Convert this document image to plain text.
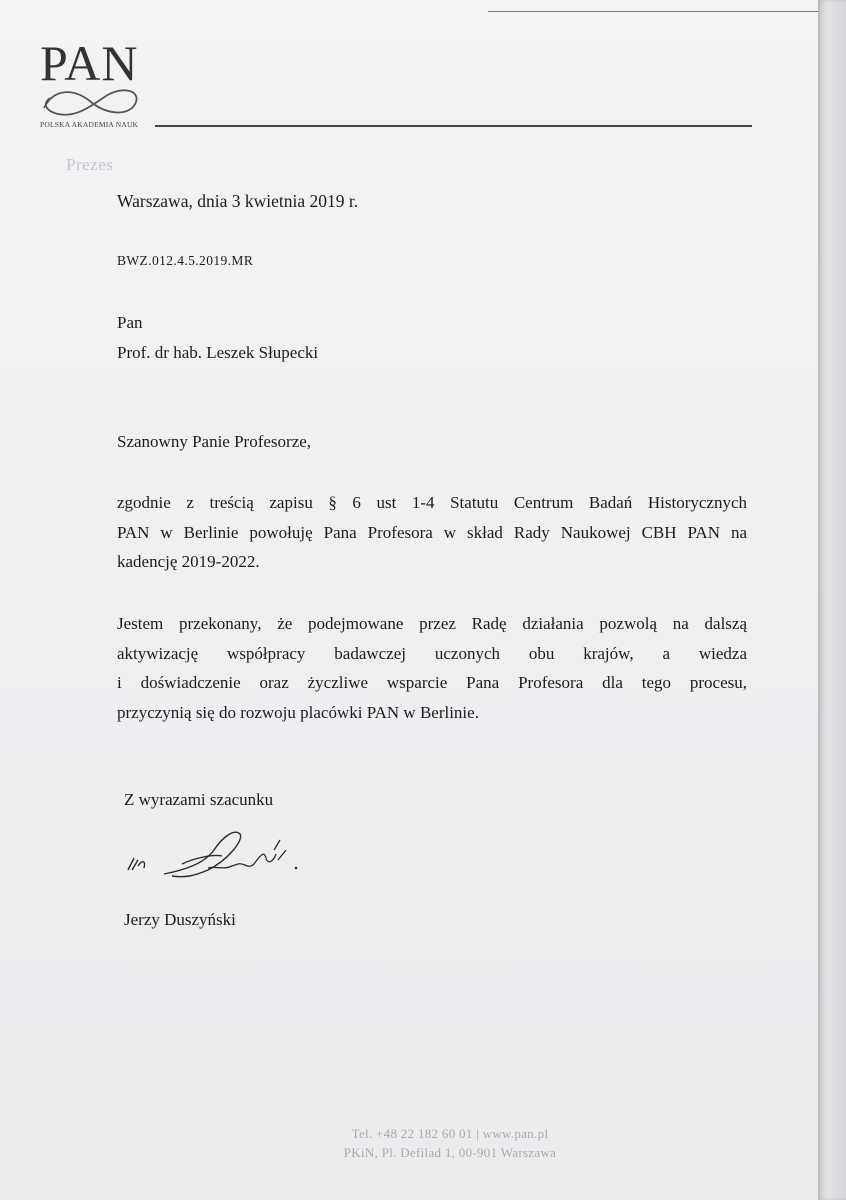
PAN
POLSKA AKADEMIA NAUK
Prezes
Warszawa, dnia 3 kwietnia 2019 r.
BWZ.012.4.5.2019.MR
Pan
Prof. dr hab. Leszek Słupecki
Szanowny Panie Profesorze,
zgodnie z treścią zapisu § 6 ust 1-4 Statutu Centrum Badań Historycznych
PAN w Berlinie powołuję Pana Profesora w skład Rady Naukowej CBH PAN na
kadencję 2019-2022.
Jestem przekonany, że podejmowane przez Radę działania pozwolą na dalszą
aktywizację współpracy badawczej uczonych obu krajów, a wiedza
i doświadczenie oraz życzliwe wsparcie Pana Profesora dla tego procesu,
przyczynią się do rozwoju placówki PAN w Berlinie.
Z wyrazami szacunku
Jerzy Duszyński
Tel. +48 22 182 60 01 | www.pan.pl
PKiN, Pl. Defilad 1, 00-901 Warszawa
